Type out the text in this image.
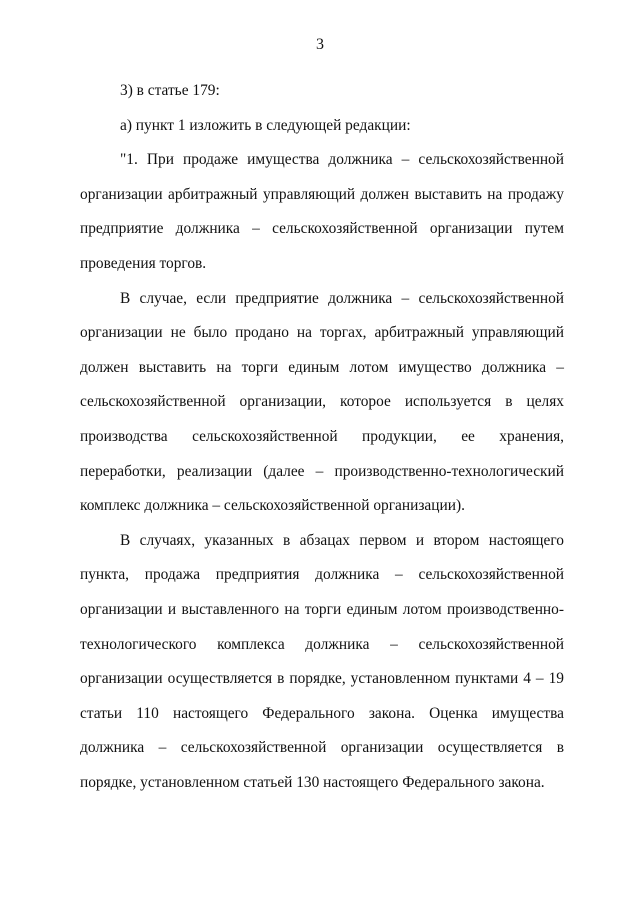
3

3) в статье 179:

а) пункт 1 изложить в следующей редакции:

"1. При продаже имущества должника – сельскохозяйственной организации арбитражный управляющий должен выставить на продажу предприятие должника – сельскохозяйственной организации путем проведения торгов.

В случае, если предприятие должника – сельскохозяйственной организации не было продано на торгах, арбитражный управляющий должен выставить на торги единым лотом имущество должника – сельскохозяйственной организации, которое используется в целях производства сельскохозяйственной продукции, ее хранения, переработки, реализации (далее – производственно-технологический комплекс должника – сельскохозяйственной организации).

В случаях, указанных в абзацах первом и втором настоящего пункта, продажа предприятия должника – сельскохозяйственной организации и выставленного на торги единым лотом производственно-технологического комплекса должника – сельскохозяйственной организации осуществляется в порядке, установленном пунктами 4 – 19 статьи 110 настоящего Федерального закона. Оценка имущества должника – сельскохозяйственной организации осуществляется в порядке, установленном статьей 130 настоящего Федерального закона.
